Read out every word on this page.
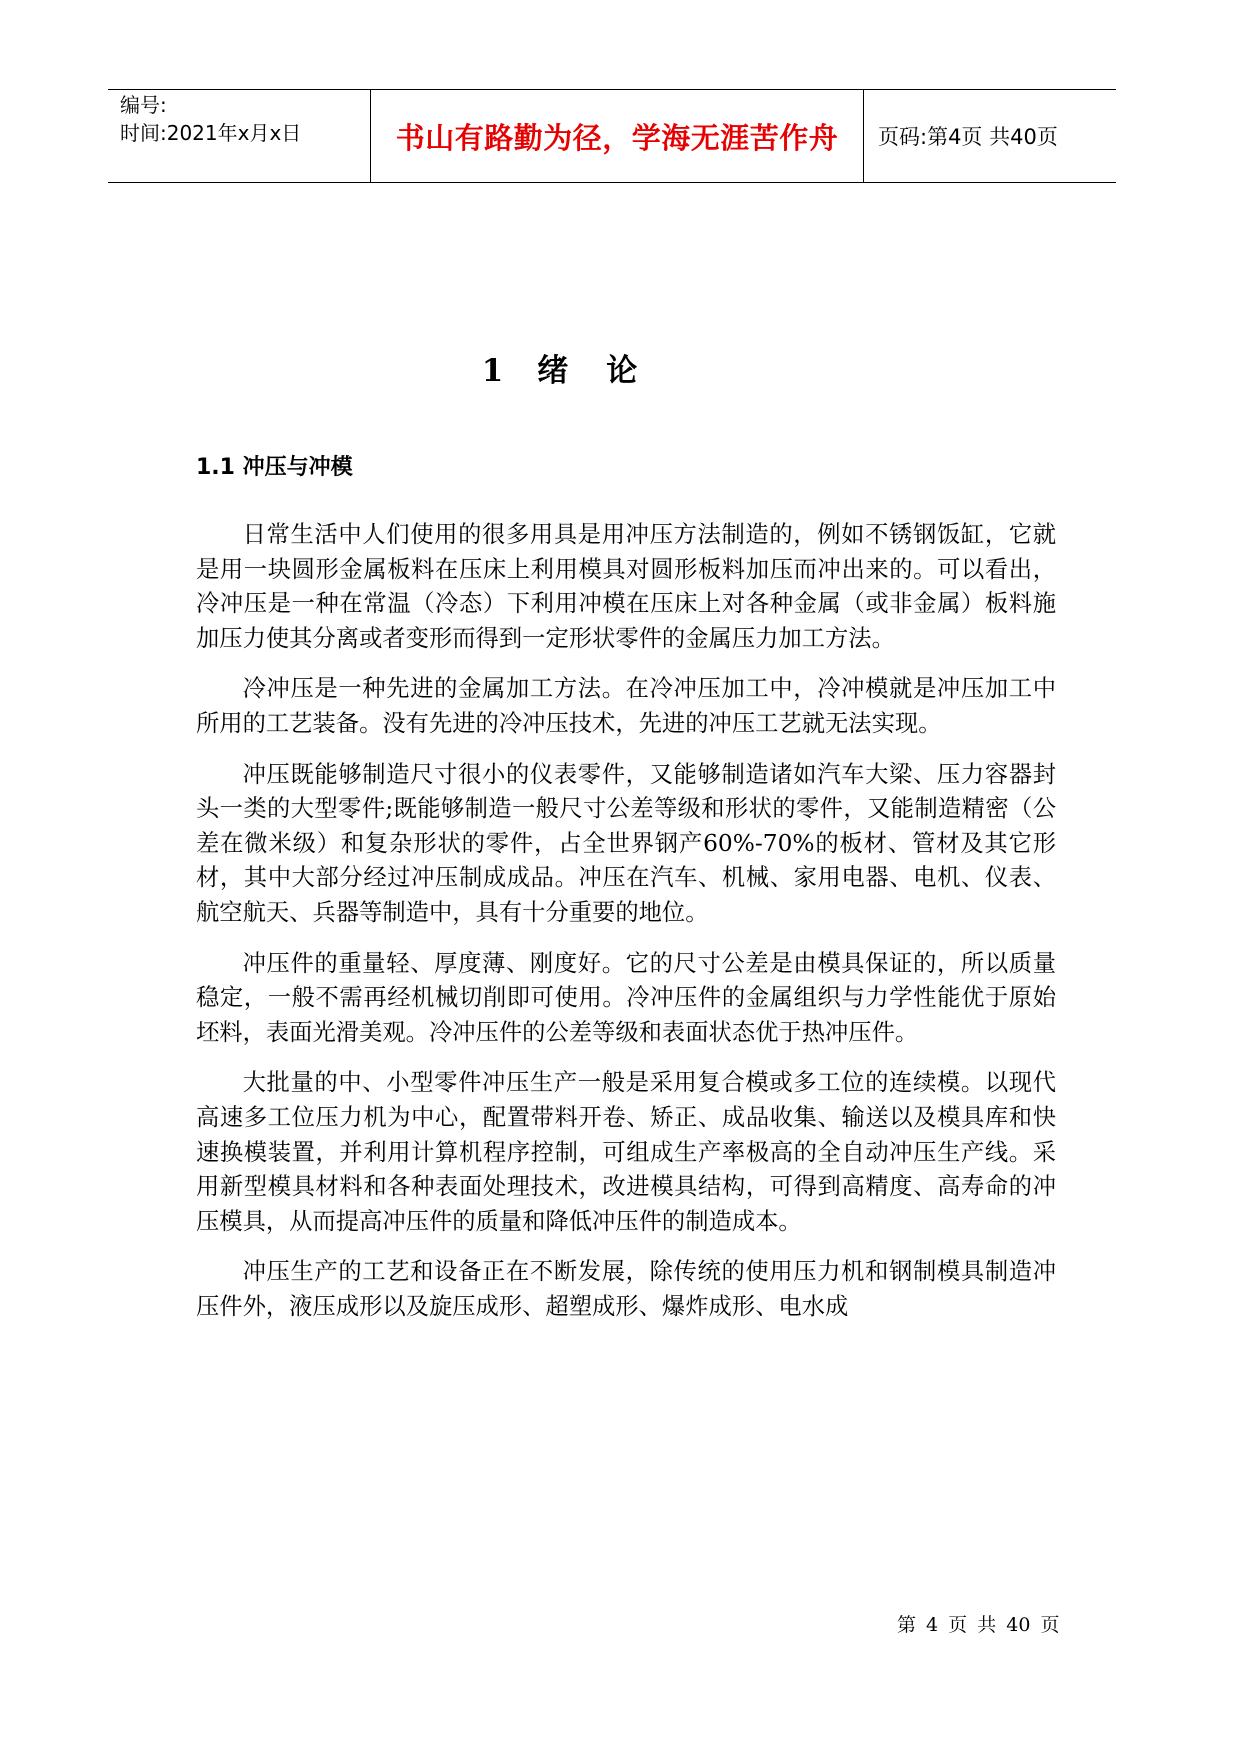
编号:
时间:2021年x月x日	书山有路勤为径，学海无涯苦作舟 页码:第4页 共40页
1 绪 论
1.1 冲压与冲模

日常生活中人们使用的很多用具是用冲压方法制造的，例如不锈钢饭缸，它就是用一块圆形金属板料在压床上利用模具对圆形板料加压而冲出来的。可以看出，冷冲压是一种在常温（冷态）下利用冲模在压床上对各种金属（或非金属）板料施加压力使其分离或者变形而得到一定形状零件的金属压力加工方法。

冷冲压是一种先进的金属加工方法。在冷冲压加工中，冷冲模就是冲压加工中所用的工艺装备。没有先进的冷冲压技术，先进的冲压工艺就无法实现。

冲压既能够制造尺寸很小的仪表零件，又能够制造诸如汽车大梁、压力容器封头一类的大型零件;既能够制造一般尺寸公差等级和形状的零件，又能制造精密（公差在微米级）和复杂形状的零件，占全世界钢产60%-70%的板材、管材及其它形材，其中大部分经过冲压制成成品。冲压在汽车、机械、家用电器、电机、仪表、航空航天、兵器等制造中，具有十分重要的地位。

冲压件的重量轻、厚度薄、刚度好。它的尺寸公差是由模具保证的，所以质量稳定，一般不需再经机械切削即可使用。冷冲压件的金属组织与力学性能优于原始坯料，表面光滑美观。冷冲压件的公差等级和表面状态优于热冲压件。

大批量的中、小型零件冲压生产一般是采用复合模或多工位的连续模。以现代高速多工位压力机为中心，配置带料开卷、矫正、成品收集、输送以及模具库和快速换模装置，并利用计算机程序控制，可组成生产率极高的全自动冲压生产线。采用新型模具材料和各种表面处理技术，改进模具结构，可得到高精度、高寿命的冲压模具，从而提高冲压件的质量和降低冲压件的制造成本。

冲压生产的工艺和设备正在不断发展，除传统的使用压力机和钢制模具制造冲压件外，液压成形以及旋压成形、超塑成形、爆炸成形、电水成

第 4 页 共 40 页
